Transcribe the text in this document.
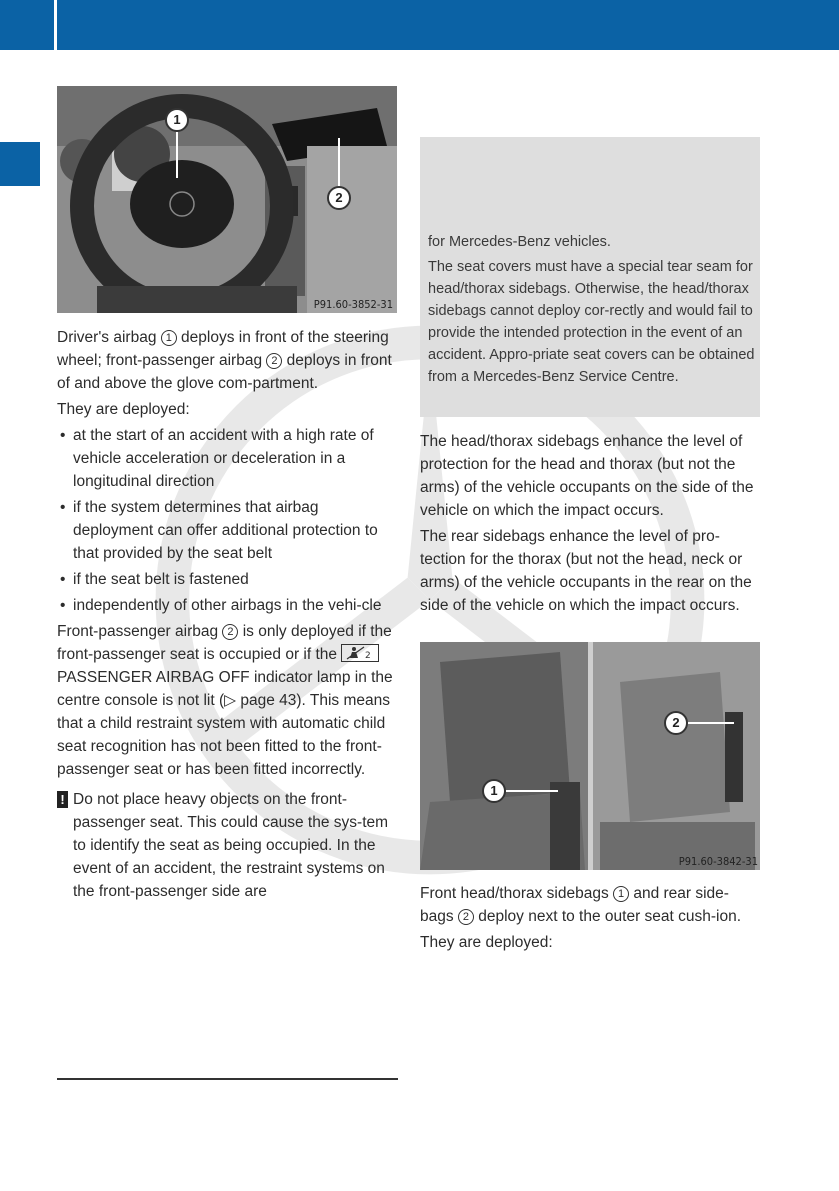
1
2
P91.60-3852-31

Driver's airbag 1 deploys in front of the steering wheel; front-passenger airbag 2 deploys in front of and above the glove com-partment.

They are deployed:

• at the start of an accident with a high rate of vehicle acceleration or deceleration in a longitudinal direction
• if the system determines that airbag deployment can offer additional protection to that provided by the seat belt
• if the seat belt is fastened
• independently of other airbags in the vehi-cle

Front-passenger airbag 2 is only deployed if the front-passenger seat is occupied or if the	2
PASSENGER AIRBAG OFF indicator lamp in the centre console is not lit (▷ page 43). This means that a child restraint system with automatic child seat recognition has not been fitted to the front-passenger seat or has been fitted incorrectly.

! Do not place heavy objects on the front-passenger seat. This could cause the sys-tem to identify the seat as being occupied. In the event of an accident, the restraint systems on the front-passenger side are

for Mercedes-Benz vehicles.

The seat covers must have a special tear seam for head/thorax sidebags. Otherwise, the head/thorax sidebags cannot deploy cor-rectly and would fail to provide the intended protection in the event of an accident. Appro-priate seat covers can be obtained from a Mercedes-Benz Service Centre.

The head/thorax sidebags enhance the level of protection for the head and thorax (but not the arms) of the vehicle occupants on the side of the vehicle on which the impact occurs.

The rear sidebags enhance the level of pro-tection for the thorax (but not the head, neck or arms) of the vehicle occupants in the rear on the side of the vehicle on which the impact occurs.

1
2
P91.60-3842-31

Front head/thorax sidebags 1 and rear side-bags 2 deploy next to the outer seat cush-ion.

They are deployed:
